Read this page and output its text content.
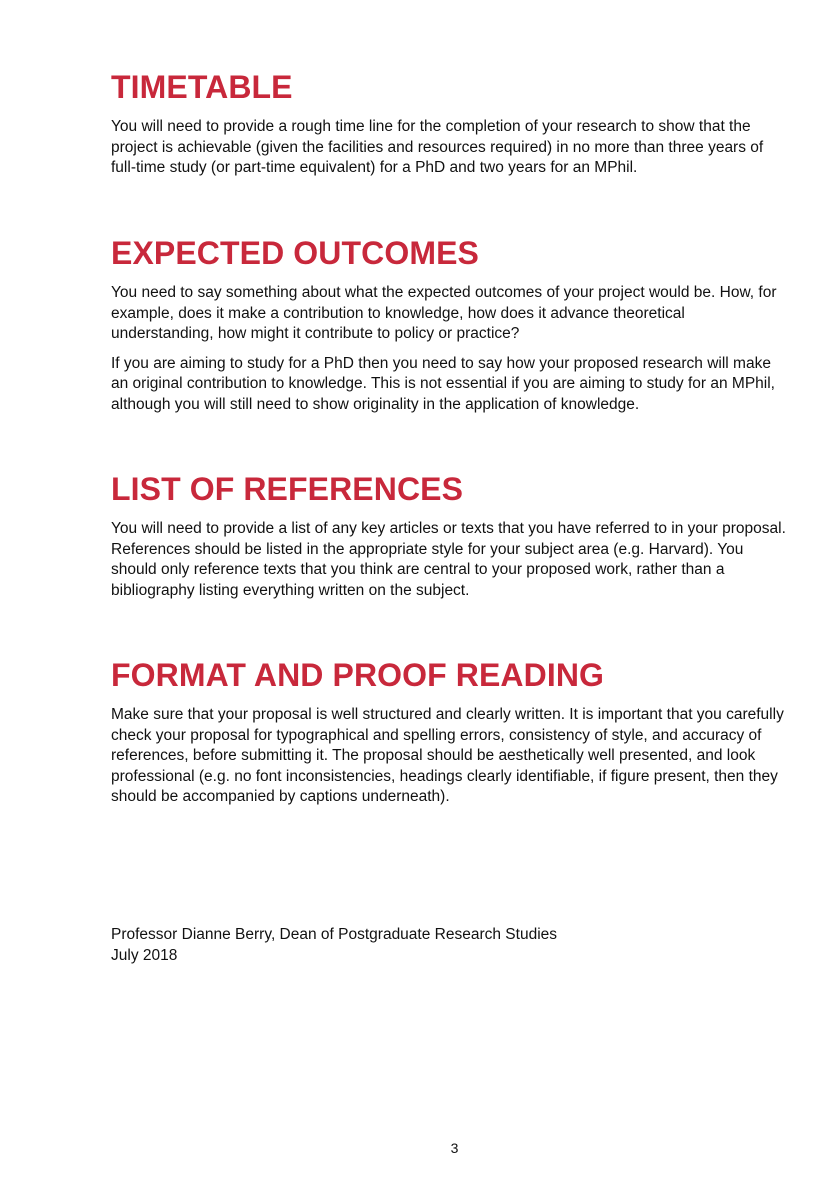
TIMETABLE

You will need to provide a rough time line for the completion of your research to show that the project is achievable (given the facilities and resources required) in no more than three years of full-time study (or part-time equivalent) for a PhD and two years for an MPhil.

EXPECTED OUTCOMES

You need to say something about what the expected outcomes of your project would be. How, for example, does it make a contribution to knowledge, how does it advance theoretical understanding, how might it contribute to policy or practice?

If you are aiming to study for a PhD then you need to say how your proposed research will make an original contribution to knowledge. This is not essential if you are aiming to study for an MPhil, although you will still need to show originality in the application of knowledge.

LIST OF REFERENCES

You will need to provide a list of any key articles or texts that you have referred to in your proposal. References should be listed in the appropriate style for your subject area (e.g. Harvard). You should only reference texts that you think are central to your proposed work, rather than a bibliography listing everything written on the subject.

FORMAT AND PROOF READING

Make sure that your proposal is well structured and clearly written. It is important that you carefully check your proposal for typographical and spelling errors, consistency of style, and accuracy of references, before submitting it. The proposal should be aesthetically well presented, and look professional (e.g. no font inconsistencies, headings clearly identifiable, if figure present, then they should be accompanied by captions underneath).

Professor Dianne Berry, Dean of Postgraduate Research Studies
July 2018
3
